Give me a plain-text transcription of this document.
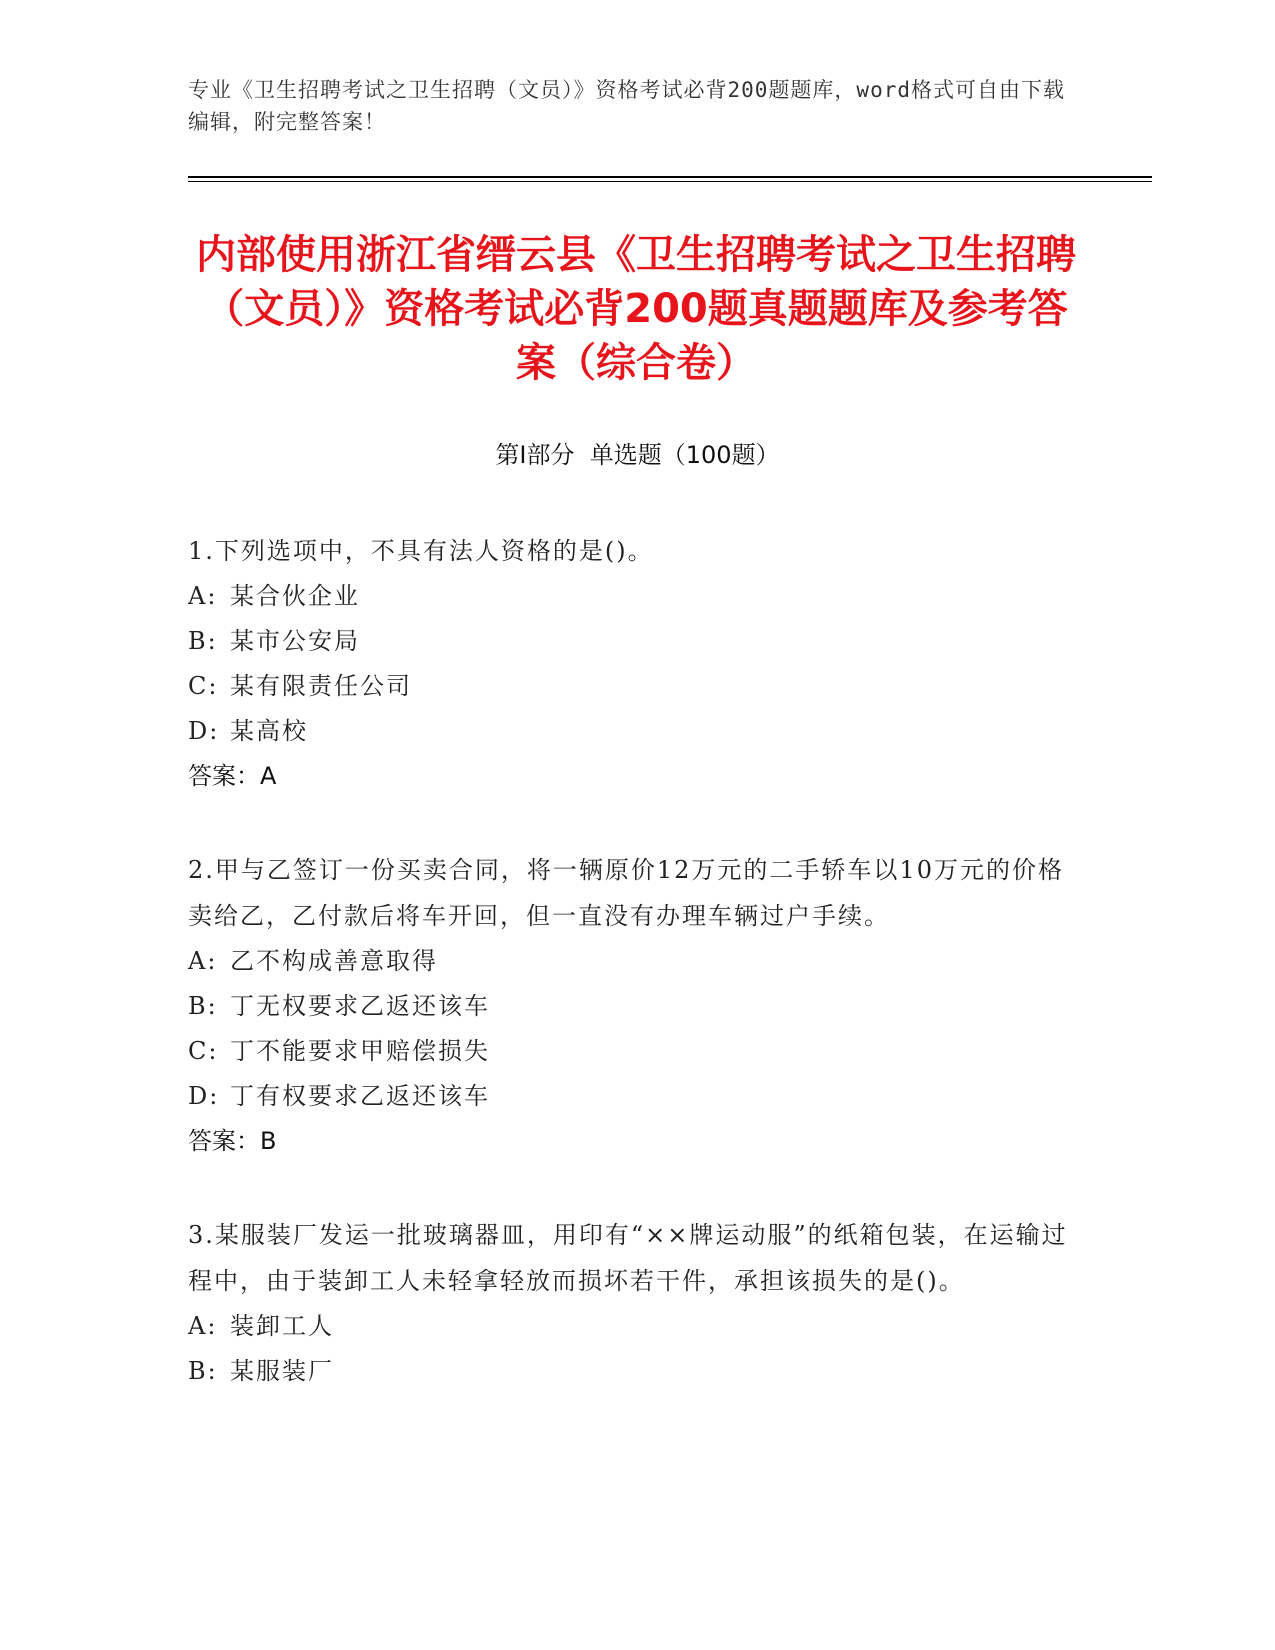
专业《卫生招聘考试之卫生招聘（文员）》资格考试必背200题题库，word格式可自由下载编辑，附完整答案！
内部使用浙江省缙云县《卫生招聘考试之卫生招聘（文员）》资格考试必背200题真题题库及参考答案（综合卷）
第Ⅰ部分 单选题（100题）

1.下列选项中，不具有法人资格的是()。

A: 某合伙企业

B: 某市公安局

C: 某有限责任公司

D: 某高校

答案：A

2.甲与乙签订一份买卖合同，将一辆原价12万元的二手轿车以10万元的价格卖给乙，乙付款后将车开回，但一直没有办理车辆过户手续。

A: 乙不构成善意取得

B: 丁无权要求乙返还该车

C: 丁不能要求甲赔偿损失

D: 丁有权要求乙返还该车

答案：B

3.某服装厂发运一批玻璃器皿，用印有“××牌运动服”的纸箱包装，在运输过程中，由于装卸工人未轻拿轻放而损坏若干件，承担该损失的是()。

A: 装卸工人

B: 某服装厂
